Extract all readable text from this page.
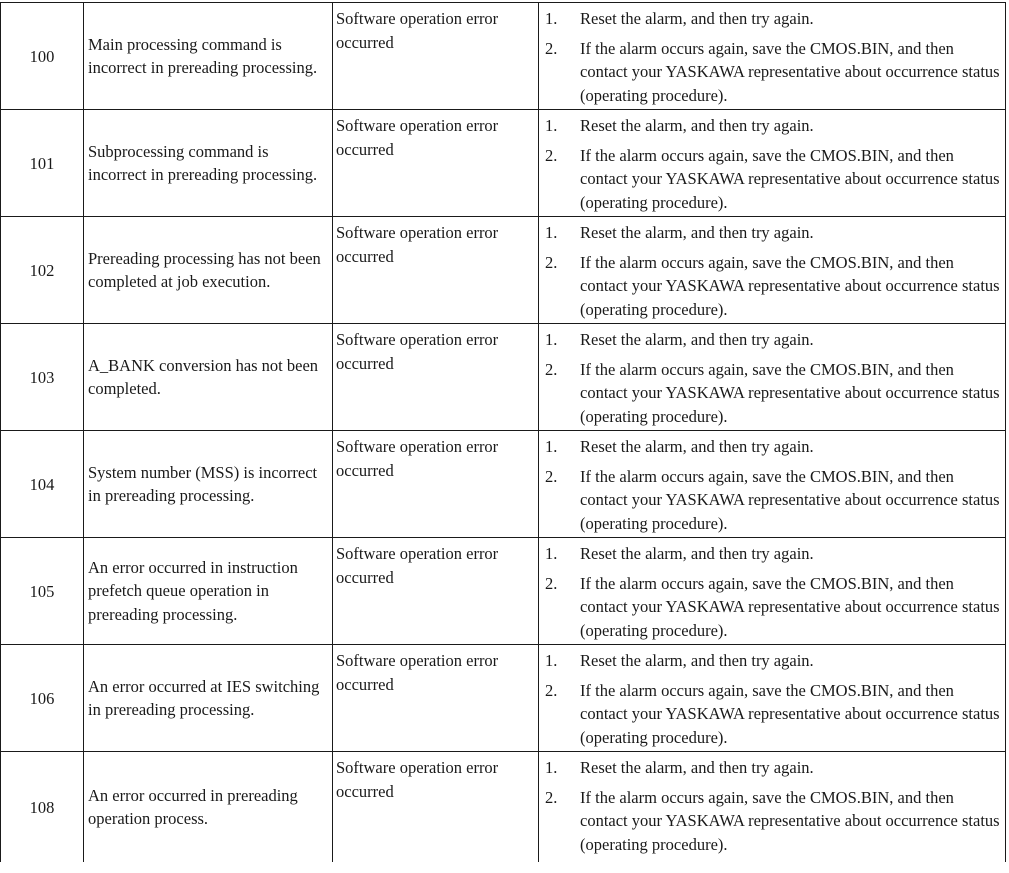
100
Main processing command is incorrect in prereading processing.
Software operation error occurred
1. Reset the alarm, and then try again.
2. If the alarm occurs again, save the CMOS.BIN, and then contact your YASKAWA representative about occurrence status (operating procedure).
101
Subprocessing command is incorrect in prereading processing.
Software operation error occurred
1. Reset the alarm, and then try again.
2. If the alarm occurs again, save the CMOS.BIN, and then contact your YASKAWA representative about occurrence status (operating procedure).
102
Prereading processing has not been completed at job execution.
Software operation error occurred
1. Reset the alarm, and then try again.
2. If the alarm occurs again, save the CMOS.BIN, and then contact your YASKAWA representative about occurrence status (operating procedure).
103
A_BANK conversion has not been completed.
Software operation error occurred
1. Reset the alarm, and then try again.
2. If the alarm occurs again, save the CMOS.BIN, and then contact your YASKAWA representative about occurrence status (operating procedure).
104
System number (MSS) is incorrect in prereading processing.
Software operation error occurred
1. Reset the alarm, and then try again.
2. If the alarm occurs again, save the CMOS.BIN, and then contact your YASKAWA representative about occurrence status (operating procedure).
105
An error occurred in instruction prefetch queue operation in prereading processing.
Software operation error occurred
1. Reset the alarm, and then try again.
2. If the alarm occurs again, save the CMOS.BIN, and then contact your YASKAWA representative about occurrence status (operating procedure).
106
An error occurred at IES switching in prereading processing.
Software operation error occurred
1. Reset the alarm, and then try again.
2. If the alarm occurs again, save the CMOS.BIN, and then contact your YASKAWA representative about occurrence status (operating procedure).
108
An error occurred in prereading operation process.
Software operation error occurred
1. Reset the alarm, and then try again.
2. If the alarm occurs again, save the CMOS.BIN, and then contact your YASKAWA representative about occurrence status (operating procedure).
